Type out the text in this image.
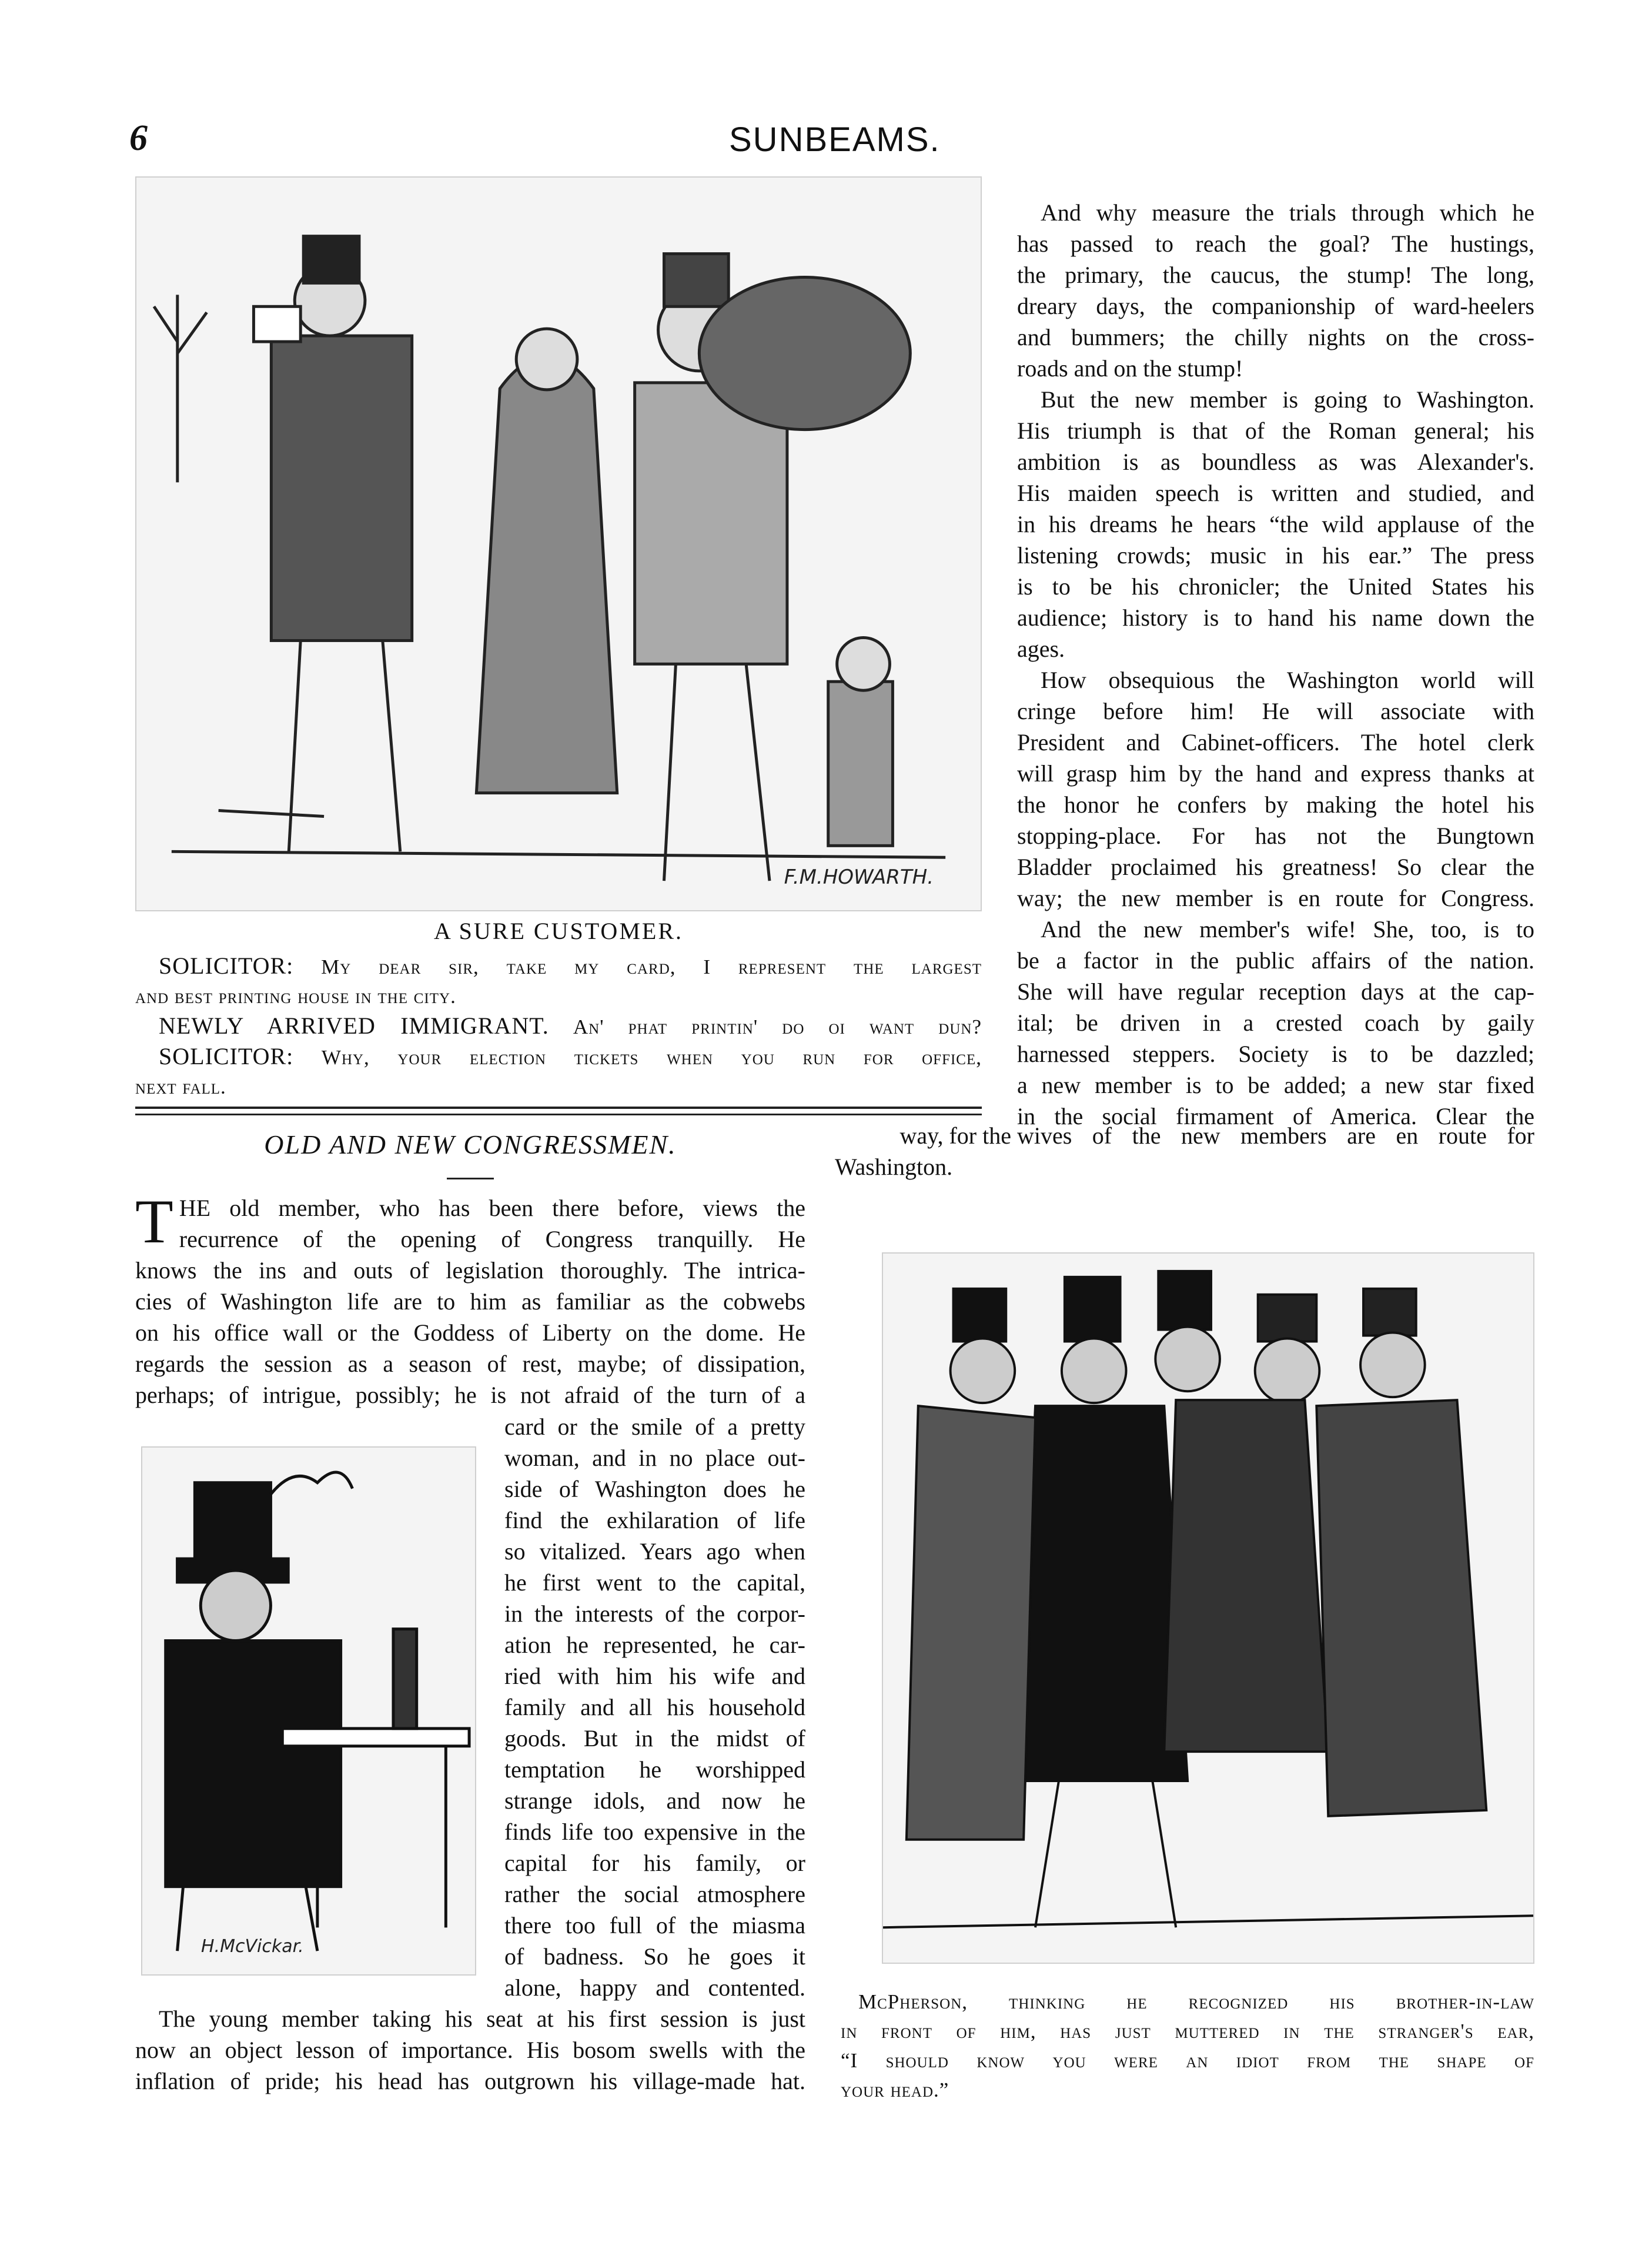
6	SUNBEAMS.
F.M.HOWARTH.
A SURE CUSTOMER.
SOLICITOR: My dear sir, take my card, I represent the largest
and best printing house in the city.
NEWLY ARRIVED IMMIGRANT. An' phat printin' do oi want dun?
SOLICITOR: Why, your election tickets when you run for office,
next fall.

And why measure the trials through which he

has passed to reach the goal? The hustings,

the primary, the caucus, the stump! The long,

dreary days, the companionship of ward-heelers

and bummers; the chilly nights on the cross-

roads and on the stump!

But the new member is going to Washington.

His triumph is that of the Roman general; his

ambition is as boundless as was Alexander's.

His maiden speech is written and studied, and

in his dreams he hears “the wild applause of the

listening crowds; music in his ear.” The press

is to be his chronicler; the United States his

audience; history is to hand his name down the

ages.

How obsequious the Washington world will

cringe before him! He will associate with

President and Cabinet-officers. The hotel clerk

will grasp him by the hand and express thanks at

the honor he confers by making the hotel his

stopping-place. For has not the Bungtown

Bladder proclaimed his greatness! So clear the

way; the new member is en route for Congress.

And the new member's wife! She, too, is to

be a factor in the public affairs of the nation.

She will have regular reception days at the cap-

ital; be driven in a crested coach by gaily

harnessed steppers. Society is to be dazzled;

a new member is to be added; a new star fixed

in the social firmament of America. Clear the

way, for the wives of the new members are en route for
Washington.
OLD AND NEW CONGRESSMEN.
T HE old member, who has been there before, views the

recurrence of the opening of Congress tranquilly. He

knows the ins and outs of legislation thoroughly. The intrica-

cies of Washington life are to him as familiar as the cobwebs

on his office wall or the Goddess of Liberty on the dome. He

regards the session as a season of rest, maybe; of dissipation,

perhaps; of intrigue, possibly; he is not afraid of the turn of a

H.McVickar.

card or the smile of a pretty

woman, and in no place out-

side of Washington does he

find the exhilaration of life

so vitalized. Years ago when

he first went to the capital,

in the interests of the corpor-

ation he represented, he car-

ried with him his wife and

family and all his household

goods. But in the midst of

temptation he worshipped

strange idols, and now he

finds life too expensive in the

capital for his family, or

rather the social atmosphere

there too full of the miasma

of badness. So he goes it

alone, happy and contented.

The young member taking his seat at his first session is just

now an object lesson of importance. His bosom swells with the

inflation of pride; his head has outgrown his village-made hat.

McPherson, thinking he recognized his brother-in-law
in front of him, has just muttered in the stranger's ear,
“I should know you were an idiot from the shape of
your head.”
